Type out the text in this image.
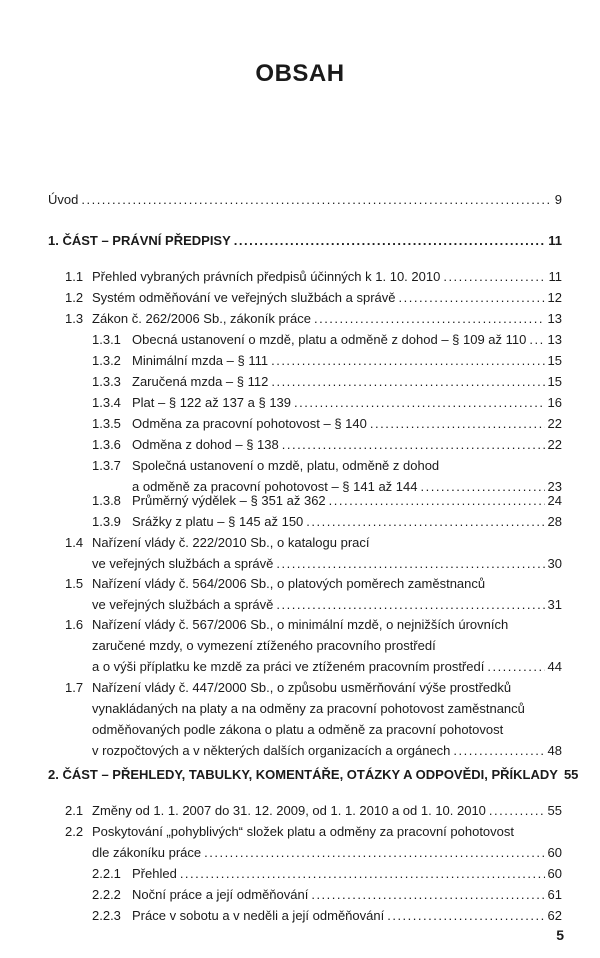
OBSAH
Úvod .....	9
1. ČÁST – PRÁVNÍ PŘEDPISY .....	11
1.1 Přehled vybraných právních předpisů účinných k 1. 10. 2010 .....	11
1.2 Systém odměňování ve veřejných službách a správě .....	12
1.3 Zákon č. 262/2006 Sb., zákoník práce .....	13
1.3.1 Obecná ustanovení o mzdě, platu a odměně z dohod – § 109 až 110 ..... 13
1.3.2 Minimální mzda – § 111 .....	15
1.3.3 Zaručená mzda – § 112 .....	15
1.3.4 Plat – § 122 až 137 a § 139 .....	16
1.3.5 Odměna za pracovní pohotovost – § 140 .....	22
1.3.6 Odměna z dohod – § 138 .....	22
1.3.7 Společná ustanovení o mzdě, platu, odměně z dohod
a odměně za pracovní pohotovost – § 141 až 144 .....	23
1.3.8 Průměrný výdělek – § 351 až 362 .....	24
1.3.9 Srážky z platu – § 145 až 150 .....	28
1.4 Nařízení vlády č. 222/2010 Sb., o katalogu prací
ve veřejných službách a správě .....	30
1.5 Nařízení vlády č. 564/2006 Sb., o platových poměrech zaměstnanců
ve veřejných službách a správě .....	31
1.6 Nařízení vlády č. 567/2006 Sb., o minimální mzdě, o nejnižších úrovních
zaručené mzdy, o vymezení ztíženého pracovního prostředí
a o výši příplatku ke mzdě za práci ve ztíženém pracovním prostředí .....	44
1.7 Nařízení vlády č. 447/2000 Sb., o způsobu usměrňování výše prostředků
vynakládaných na platy a na odměny za pracovní pohotovost zaměstnanců
odměňovaných podle zákona o platu a odměně za pracovní pohotovost
v rozpočtových a v některých dalších organizacích a orgánech .....	48
2. ČÁST – PŘEHLEDY, TABULKY, KOMENTÁŘE, OTÁZKY A ODPOVĚDI, PŘÍKLADY 55
2.1 Změny od 1. 1. 2007 do 31. 12. 2009, od 1. 1. 2010 a od 1. 10. 2010 .....	55
2.2 Poskytování „pohyblivých“ složek platu a odměny za pracovní pohotovost
dle zákoníku práce .....	60
2.2.1 Přehled .....	60
2.2.2 Noční práce a její odměňování .....	61
2.2.3 Práce v sobotu a v neděli a její odměňování .....	62
5
